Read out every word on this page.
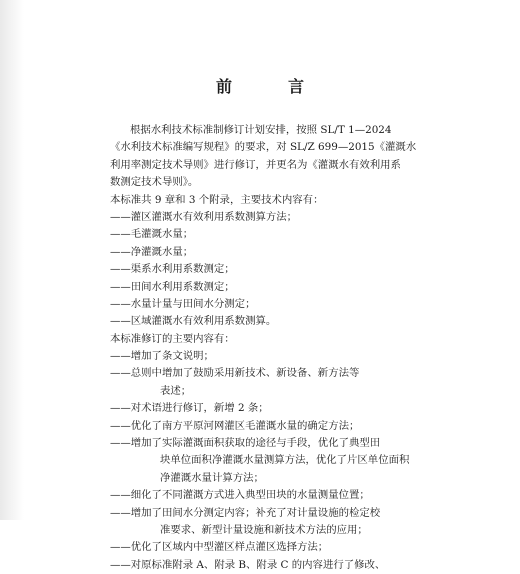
前　言
根据水利技术标准制修订计划安排，按照 SL/T 1—2024
《水利技术标准编写规程》的要求，对 SL/Z 699—2015《灌溉水
利用率测定技术导则》进行修订，并更名为《灌溉水有效利用系
数测定技术导则》。
本标准共 9 章和 3 个附录，主要技术内容有：
——灌区灌溉水有效利用系数测算方法；
——毛灌溉水量；
——净灌溉水量；
——渠系水利用系数测定；
——田间水利用系数测定；
——水量计量与田间水分测定；
——区域灌溉水有效利用系数测算。
本标准修订的主要内容有：
——增加了条文说明；
——总则中增加了鼓励采用新技术、新设备、新方法等
表述；
——对术语进行修订，新增 2 条；
——优化了南方平原河网灌区毛灌溉水量的确定方法；
——增加了实际灌溉面积获取的途径与手段，优化了典型田
块单位面积净灌溉水量测算方法，优化了片区单位面积
净灌溉水量计算方法；
——细化了不同灌溉方式进入典型田块的水量测量位置；
——增加了田间水分测定内容；补充了对计量设施的检定校
准要求、新型计量设施和新技术方法的应用；
——优化了区域内中型灌区样点灌区选择方法；
——对原标准附录 A、附录 B、附录 C 的内容进行了修改、
